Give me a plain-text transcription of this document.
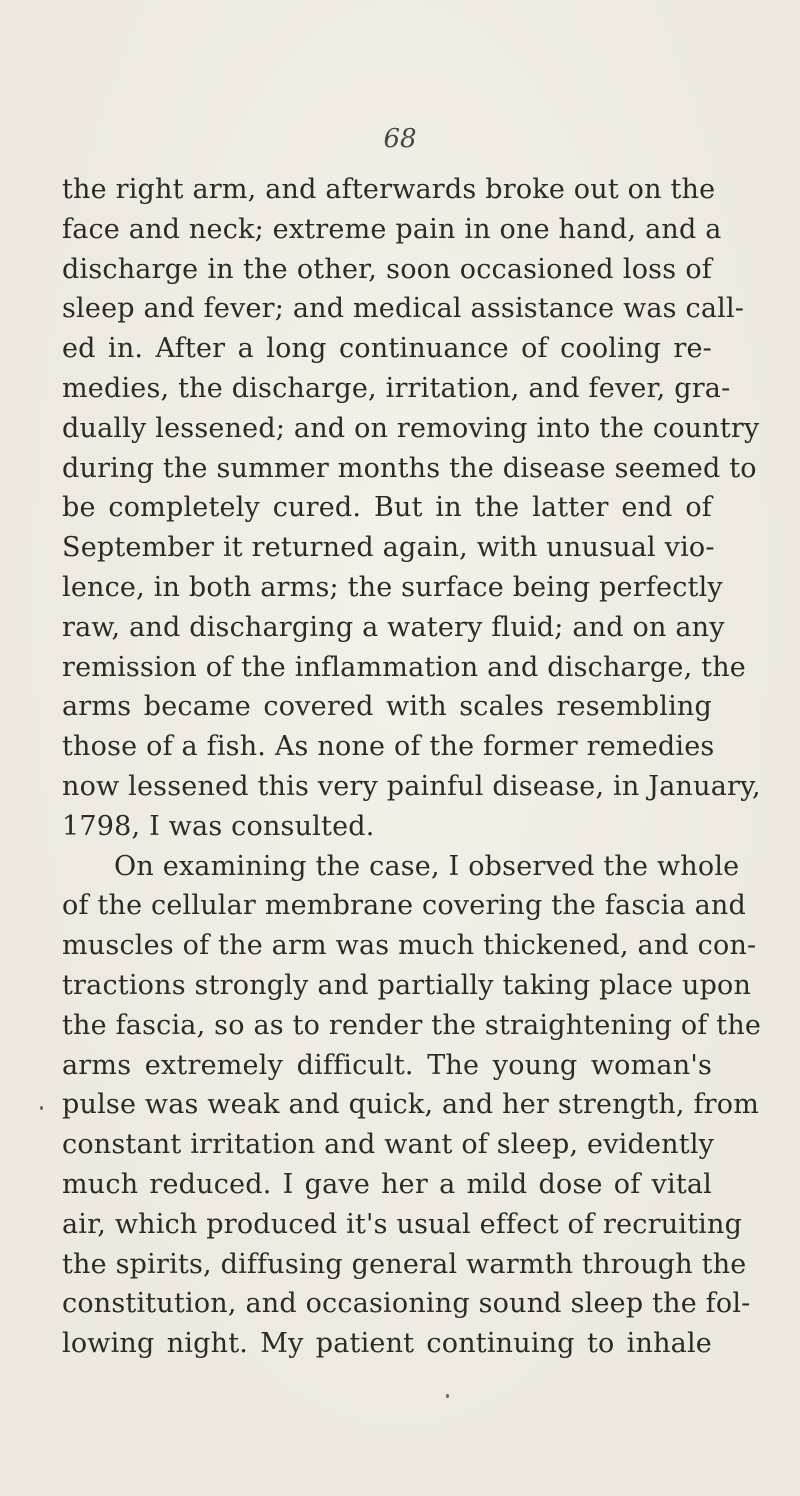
68
the right arm, and afterwards broke out on the
face and neck; extreme pain in one hand, and a
discharge in the other, soon occasioned loss of
sleep and fever; and medical assistance was call-
ed in. After a long continuance of cooling re-
medies, the discharge, irritation, and fever, gra-
dually lessened; and on removing into the country
during the summer months the disease seemed to
be completely cured. But in the latter end of
September it returned again, with unusual vio-
lence, in both arms; the surface being perfectly
raw, and discharging a watery fluid; and on any
remission of the inflammation and discharge, the
arms became covered with scales resembling
those of a fish. As none of the former remedies
now lessened this very painful disease, in January,
1798, I was consulted.
On examining the case, I observed the whole
of the cellular membrane covering the fascia and
muscles of the arm was much thickened, and con-
tractions strongly and partially taking place upon
the fascia, so as to render the straightening of the
arms extremely difficult. The young woman's
pulse was weak and quick, and her strength, from
constant irritation and want of sleep, evidently
much reduced. I gave her a mild dose of vital
air, which produced it's usual effect of recruiting
the spirits, diffusing general warmth through the
constitution, and occasioning sound sleep the fol-
lowing night. My patient continuing to inhale
